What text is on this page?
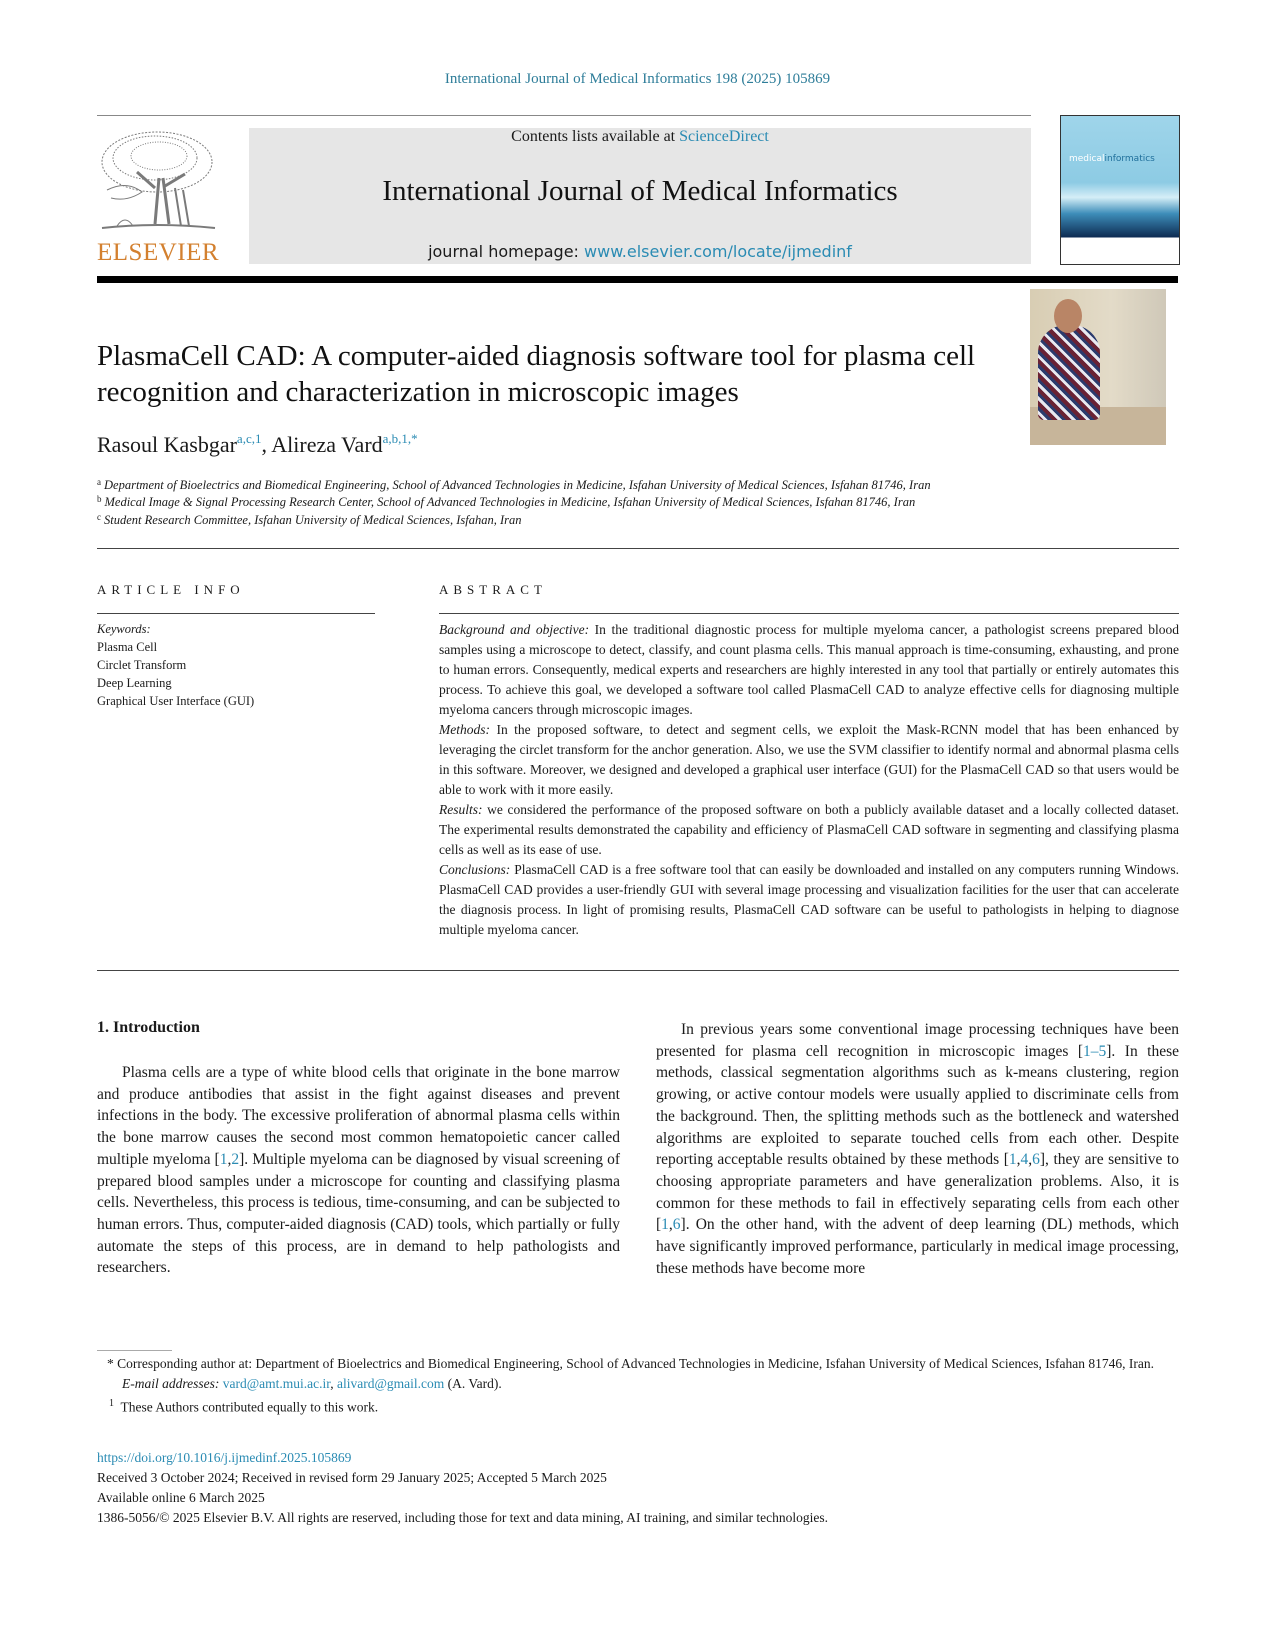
International Journal of Medical Informatics 198 (2025) 105869
ELSEVIER
Contents lists available at ScienceDirect
International Journal of Medical Informatics
journal homepage: www.elsevier.com/locate/ijmedinf
medicalinformatics
PlasmaCell CAD: A computer-aided diagnosis software tool for plasma cell recognition and characterization in microscopic images
Rasoul Kasbgar$^{a,c,1}$, Alireza Vard$^{a,b,1,*}$
$^a$ Department of Bioelectrics and Biomedical Engineering, School of Advanced Technologies in Medicine, Isfahan University of Medical Sciences, Isfahan 81746, Iran
$^b$ Medical Image & Signal Processing Research Center, School of Advanced Technologies in Medicine, Isfahan University of Medical Sciences, Isfahan 81746, Iran
$^c$ Student Research Committee, Isfahan University of Medical Sciences, Isfahan, Iran
ARTICLE INFO	ABSTRACT
Keywords:
Plasma Cell
Circlet Transform
Deep Learning
Graphical User Interface (GUI)

Background and objective: In the traditional diagnostic process for multiple myeloma cancer, a pathologist screens prepared blood samples using a microscope to detect, classify, and count plasma cells. This manual approach is time-consuming, exhausting, and prone to human errors. Consequently, medical experts and researchers are highly interested in any tool that partially or entirely automates this process. To achieve this goal, we developed a software tool called PlasmaCell CAD to analyze effective cells for diagnosing multiple myeloma cancers through microscopic images.

Methods: In the proposed software, to detect and segment cells, we exploit the Mask-RCNN model that has been enhanced by leveraging the circlet transform for the anchor generation. Also, we use the SVM classifier to identify normal and abnormal plasma cells in this software. Moreover, we designed and developed a graphical user interface (GUI) for the PlasmaCell CAD so that users would be able to work with it more easily.

Results: we considered the performance of the proposed software on both a publicly available dataset and a locally collected dataset. The experimental results demonstrated the capability and efficiency of PlasmaCell CAD software in segmenting and classifying plasma cells as well as its ease of use.

Conclusions: PlasmaCell CAD is a free software tool that can easily be downloaded and installed on any computers running Windows. PlasmaCell CAD provides a user-friendly GUI with several image processing and visualization facilities for the user that can accelerate the diagnosis process. In light of promising results, PlasmaCell CAD software can be useful to pathologists in helping to diagnose multiple myeloma cancer.

1. Introduction

Plasma cells are a type of white blood cells that originate in the bone marrow and produce antibodies that assist in the fight against diseases and prevent infections in the body. The excessive proliferation of abnormal plasma cells within the bone marrow causes the second most common hematopoietic cancer called multiple myeloma [1,2]. Multiple myeloma can be diagnosed by visual screening of prepared blood samples under a microscope for counting and classifying plasma cells. Nevertheless, this process is tedious, time-consuming, and can be subjected to human errors. Thus, computer-aided diagnosis (CAD) tools, which partially or fully automate the steps of this process, are in demand to help pathologists and researchers.

In previous years some conventional image processing techniques have been presented for plasma cell recognition in microscopic images [1–5]. In these methods, classical segmentation algorithms such as k-means clustering, region growing, or active contour models were usually applied to discriminate cells from the background. Then, the splitting methods such as the bottleneck and watershed algorithms are exploited to separate touched cells from each other. Despite reporting acceptable results obtained by these methods [1,4,6], they are sensitive to choosing appropriate parameters and have generalization problems. Also, it is common for these methods to fail in effectively separating cells from each other [1,6]. On the other hand, with the advent of deep learning (DL) methods, which have significantly improved performance, particularly in medical image processing, these methods have become more

* Corresponding author at: Department of Bioelectrics and Biomedical Engineering, School of Advanced Technologies in Medicine, Isfahan University of Medical Sciences, Isfahan 81746, Iran.

E-mail addresses: vard@amt.mui.ac.ir, alivard@gmail.com (A. Vard).

$^1$ These Authors contributed equally to this work.

https://doi.org/10.1016/j.ijmedinf.2025.105869

Received 3 October 2024; Received in revised form 29 January 2025; Accepted 5 March 2025

Available online 6 March 2025

1386-5056/© 2025 Elsevier B.V. All rights are reserved, including those for text and data mining, AI training, and similar technologies.
